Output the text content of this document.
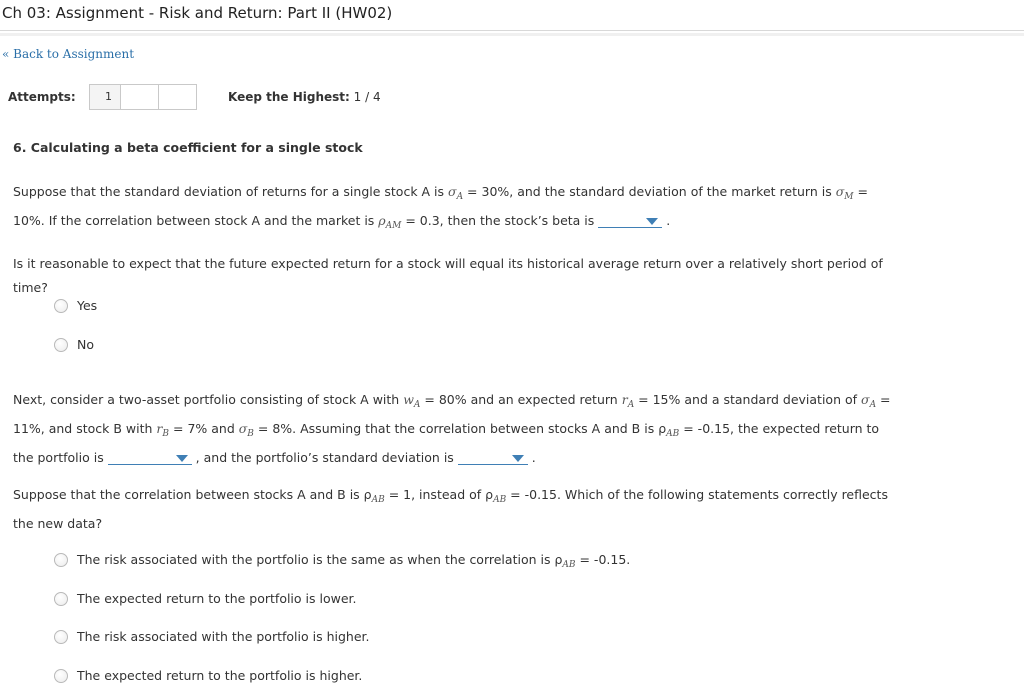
Ch 03: Assignment - Risk and Return: Part II (HW02)
« Back to Assignment
Attempts:	1	Keep the Highest: 1 / 4
6. Calculating a beta coefficient for a single stock
Suppose that the standard deviation of returns for a single stock A is $\sigma_A = 30\%$, and the standard deviation of the market return is $\sigma_M$ =
10%. If the correlation between stock A and the market is $\rho_{AM} = 0.3$, then the stock’s beta is	.
Is it reasonable to expect that the future expected return for a stock will equal its historical average return over a relatively short period of time?
Yes
No
Next, consider a two-asset portfolio consisting of stock A with $w_A = 80\%$ and an expected return $r_A = 15\%$ and a standard deviation of $\sigma_A$ =
11%, and stock B with $r_B = 7\%$ and $\sigma_B = 8\%$. Assuming that the correlation between stocks A and B is $\rho_{AB} = -0.15$, the expected return to
the portfolio is	, and the portfolio’s standard deviation is	.
Suppose that the correlation between stocks A and B is $\rho_{AB} = 1$, instead of $\rho_{AB} = -0.15$. Which of the following statements correctly reflects
the new data?
The risk associated with the portfolio is the same as when the correlation is $\rho_{AB} = -0.15$.
The expected return to the portfolio is lower.
The risk associated with the portfolio is higher.
The expected return to the portfolio is higher.
